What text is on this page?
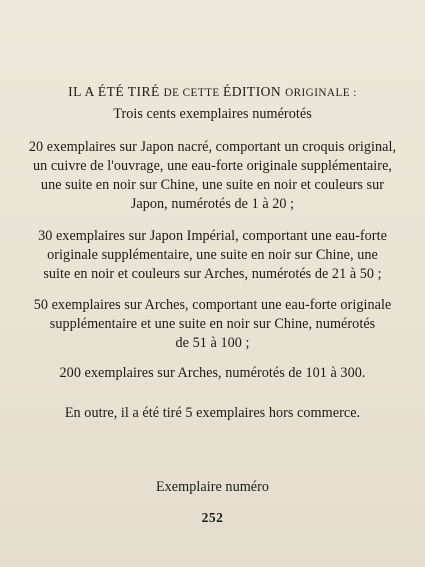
IL A ÉTÉ TIRÉ DE CETTE ÉDITION ORIGINALE :
Trois cents exemplaires numérotés
20 exemplaires sur Japon nacré, comportant un croquis original,
un cuivre de l'ouvrage, une eau-forte originale supplémentaire,
une suite en noir sur Chine, une suite en noir et couleurs sur
Japon, numérotés de 1 à 20 ;
30 exemplaires sur Japon Impérial, comportant une eau-forte
originale supplémentaire, une suite en noir sur Chine, une
suite en noir et couleurs sur Arches, numérotés de 21 à 50 ;
50 exemplaires sur Arches, comportant une eau-forte originale
supplémentaire et une suite en noir sur Chine, numérotés
de 51 à 100 ;
200 exemplaires sur Arches, numérotés de 101 à 300.
En outre, il a été tiré 5 exemplaires hors commerce.
Exemplaire numéro
252
